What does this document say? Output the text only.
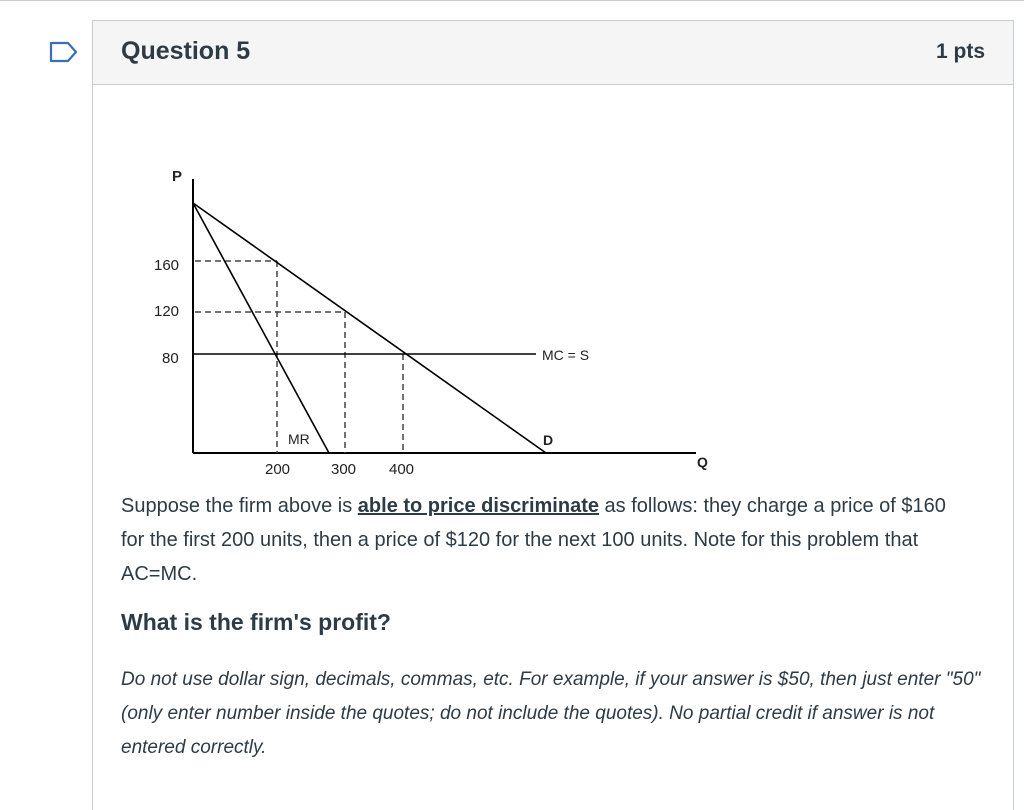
Question 5	1 pts
P
Q
160
120
80
200	300 400
MC = S
D
MR
Suppose the firm above is able to price discriminate as follows: they charge a price of $160 for the first 200 units, then a price of $120 for the next 100 units. Note for this problem that AC=MC.
What is the firm's profit?
Do not use dollar sign, decimals, commas, etc. For example, if your answer is $50, then just enter "50" (only enter number inside the quotes; do not include the quotes). No partial credit if answer is not entered correctly.
